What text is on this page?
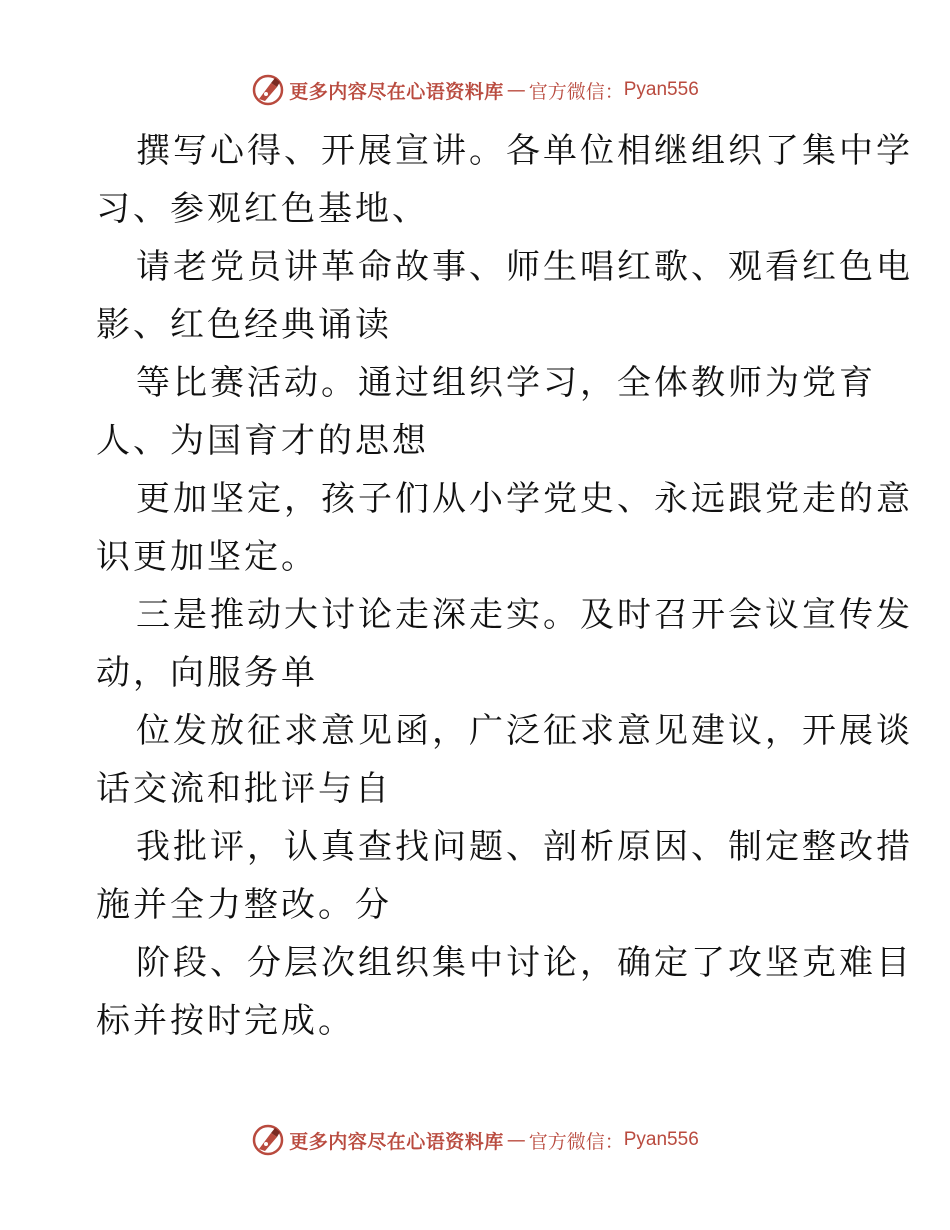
更多内容尽在心语资料库 — 官方微信： Pyan556

撰写心得、开展宣讲。各单位相继组织了集中学
习、参观红色基地、

请老党员讲革命故事、师生唱红歌、观看红色电
影、红色经典诵读

等比赛活动。通过组织学习，全体教师为党育
人、为国育才的思想

更加坚定，孩子们从小学党史、永远跟党走的意
识更加坚定。

三是推动大讨论走深走实。及时召开会议宣传发
动，向服务单

位发放征求意见函，广泛征求意见建议，开展谈
话交流和批评与自

我批评，认真查找问题、剖析原因、制定整改措
施并全力整改。分

阶段、分层次组织集中讨论，确定了攻坚克难目
标并按时完成。

更多内容尽在心语资料库 — 官方微信： Pyan556
